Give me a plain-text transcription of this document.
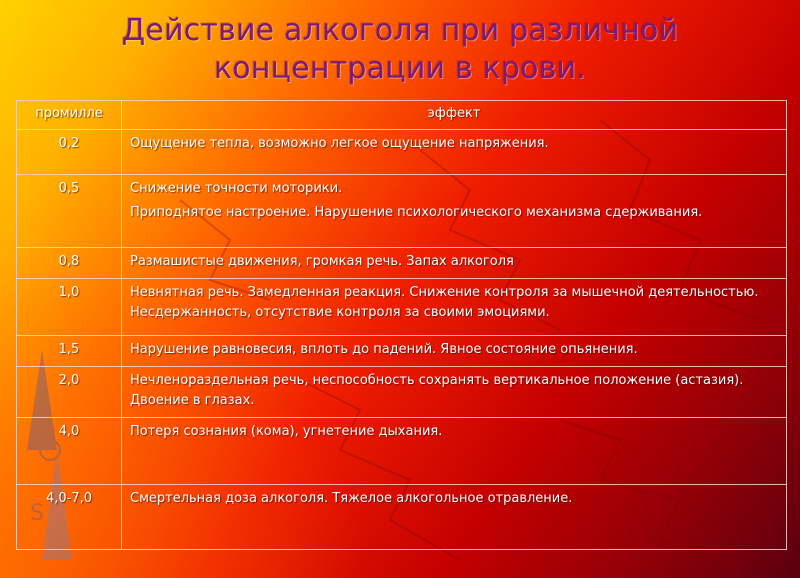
S
Действие алкоголя при различной концентрации в крови.
промилле	эффект
0,2	Ощущение тепла, возможно легкое ощущение напряжения.

0,5	Снижение точности моторики.
Приподнятое настроение. Нарушение психологического механизма сдерживания.

0,8	Размашистые движения, громкая речь. Запах алкоголя

1,0	Невнятная речь. Замедленная реакция. Снижение контроля за мышечной деятельностью. Несдержанность, отсутствие контроля за своими эмоциями.

1,5	Нарушение равновесия, вплоть до падений. Явное состояние опьянения.

2,0	Нечленораздельная речь, неспособность сохранять вертикальное положение (астазия). Двоение в глазах.

4,0	Потеря сознания (кома), угнетение дыхания.

4,0-7,0	Смертельная доза алкоголя. Тяжелое алкогольное отравление.
